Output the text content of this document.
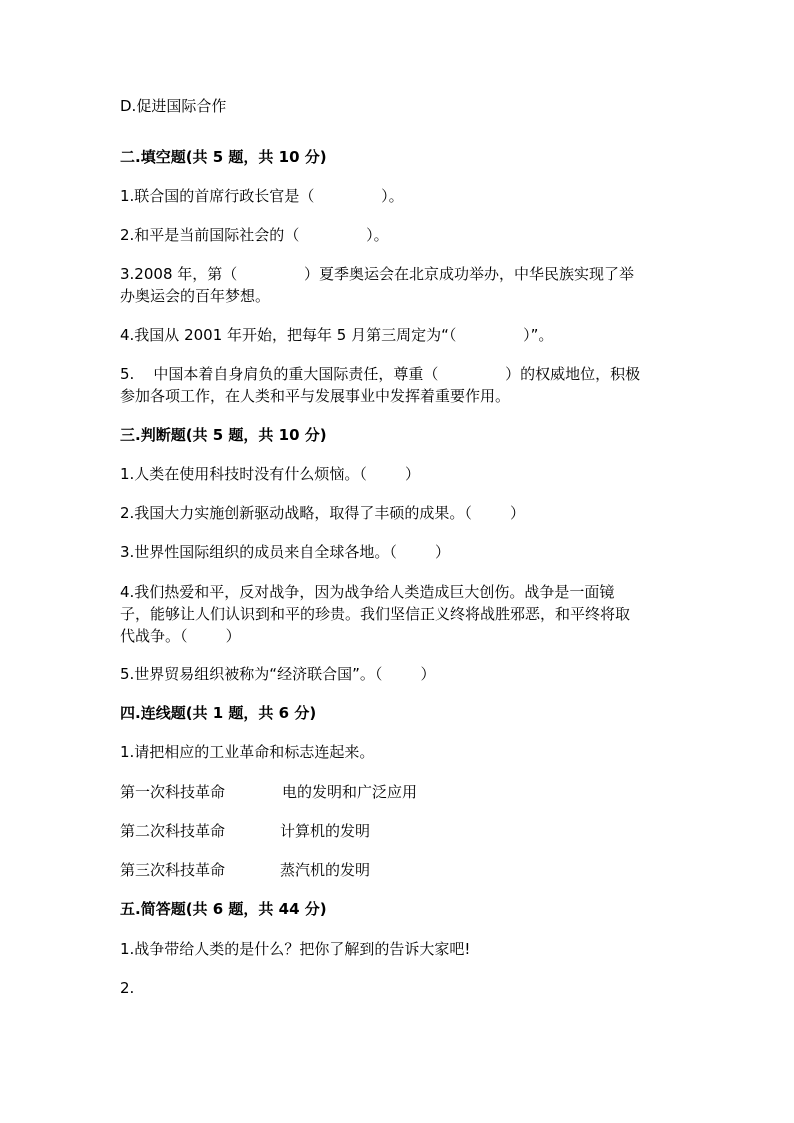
D.促进国际合作
二.填空题(共 5 题，共 10 分)
1.联合国的首席行政长官是（              ）。
2.和平是当前国际社会的（              ）。
3.2008 年，第（              ）夏季奥运会在北京成功举办，中华民族实现了举
办奥运会的百年梦想。
4.我国从 2001 年开始，把每年 5 月第三周定为“（              ）”。
5.    中国本着自身肩负的重大国际责任，尊重（              ）的权威地位，积极
参加各项工作，在人类和平与发展事业中发挥着重要作用。
三.判断题(共 5 题，共 10 分)
1.人类在使用科技时没有什么烦恼。（        ）
2.我国大力实施创新驱动战略，取得了丰硕的成果。（        ）
3.世界性国际组织的成员来自全球各地。（        ）
4.我们热爱和平，反对战争，因为战争给人类造成巨大创伤。战争是一面镜
子，能够让人们认识到和平的珍贵。我们坚信正义终将战胜邪恶，和平终将取
代战争。（        ）
5.世界贸易组织被称为“经济联合国”。（        ）
四.连线题(共 1 题，共 6 分)
1.请把相应的工业革命和标志连起来。
第一次科技革命	电的发明和广泛应用
第二次科技革命	计算机的发明
第三次科技革命	蒸汽机的发明
五.简答题(共 6 题，共 44 分)
1.战争带给人类的是什么？把你了解到的告诉大家吧!
2.
